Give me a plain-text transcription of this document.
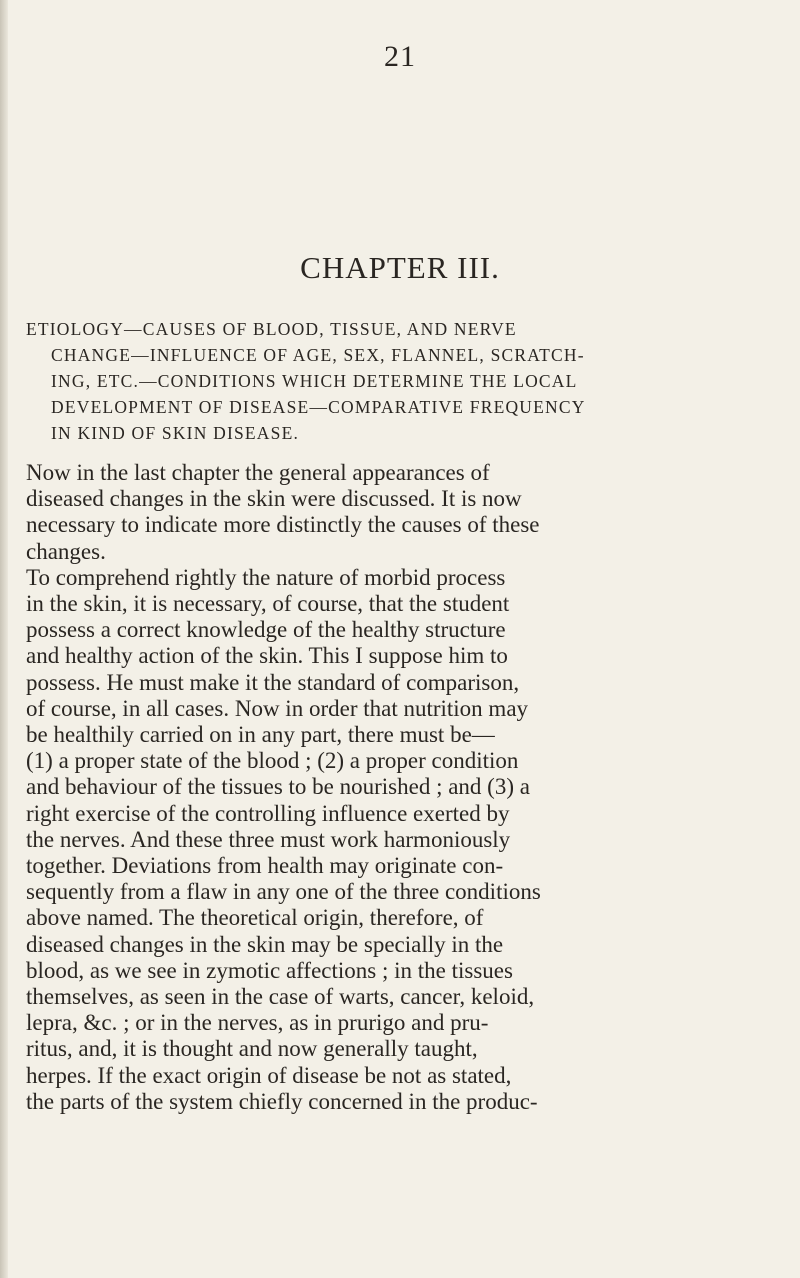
21
CHAPTER III.
ETIOLOGY—CAUSES OF BLOOD, TISSUE, AND NERVE
CHANGE—INFLUENCE OF AGE, SEX, FLANNEL, SCRATCH-
ING, ETC.—CONDITIONS WHICH DETERMINE THE LOCAL
DEVELOPMENT OF DISEASE—COMPARATIVE FREQUENCY
IN KIND OF SKIN DISEASE.
Now in the last chapter the general appearances of
diseased changes in the skin were discussed. It is now
necessary to indicate more distinctly the causes of these
changes.
To comprehend rightly the nature of morbid process
in the skin, it is necessary, of course, that the student
possess a correct knowledge of the healthy structure
and healthy action of the skin. This I suppose him to
possess. He must make it the standard of comparison,
of course, in all cases. Now in order that nutrition may
be healthily carried on in any part, there must be—
(1) a proper state of the blood ; (2) a proper condition
and behaviour of the tissues to be nourished ; and (3) a
right exercise of the controlling influence exerted by
the nerves. And these three must work harmoniously
together. Deviations from health may originate con-
sequently from a flaw in any one of the three conditions
above named. The theoretical origin, therefore, of
diseased changes in the skin may be specially in the
blood, as we see in zymotic affections ; in the tissues
themselves, as seen in the case of warts, cancer, keloid,
lepra, &c. ; or in the nerves, as in prurigo and pru-
ritus, and, it is thought and now generally taught,
herpes. If the exact origin of disease be not as stated,
the parts of the system chiefly concerned in the produc-
